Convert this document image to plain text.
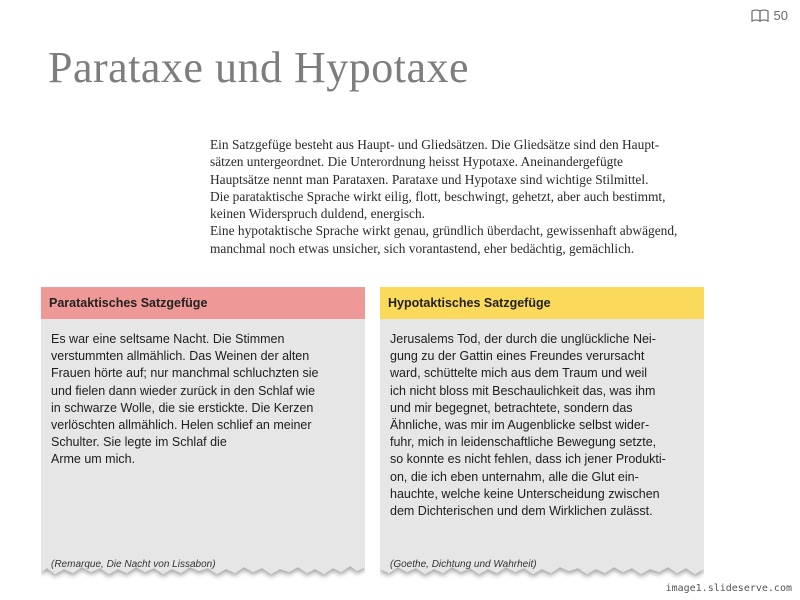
50
Parataxe und Hypotaxe

Ein Satzgefüge besteht aus Haupt- und Gliedsätzen. Die Gliedsätze sind den Haupt-

sätzen untergeordnet. Die Unterordnung heisst Hypotaxe. Aneinandergefügte

Hauptsätze nennt man Parataxen. Parataxe und Hypotaxe sind wichtige Stilmittel.

Die parataktische Sprache wirkt eilig, flott, beschwingt, gehetzt, aber auch bestimmt,

keinen Widerspruch duldend, energisch.

Eine hypotaktische Sprache wirkt genau, gründlich überdacht, gewissenhaft abwägend,

manchmal noch etwas unsicher, sich vorantastend, eher bedächtig, gemächlich.

Parataktisches Satzgefüge

Es war eine seltsame Nacht. Die Stimmen

verstummten allmählich. Das Weinen der alten

Frauen hörte auf; nur manchmal schluchzten sie

und fielen dann wieder zurück in den Schlaf wie

in schwarze Wolle, die sie erstickte. Die Kerzen

verlöschten allmählich. Helen schlief an meiner

Schulter. Sie legte im Schlaf die

Arme um mich.

(Remarque, Die Nacht von Lissabon)
Hypotaktisches Satzgefüge

Jerusalems Tod, der durch die unglückliche Nei-

gung zu der Gattin eines Freundes verursacht

ward, schüttelte mich aus dem Traum und weil

ich nicht bloss mit Beschaulichkeit das, was ihm

und mir begegnet, betrachtete, sondern das

Ähnliche, was mir im Augenblicke selbst wider-

fuhr, mich in leidenschaftliche Bewegung setzte,

so konnte es nicht fehlen, dass ich jener Produkti-

on, die ich eben unternahm, alle die Glut ein-

hauchte, welche keine Unterscheidung zwischen

dem Dichterischen und dem Wirklichen zulässt.

(Goethe, Dichtung und Wahrheit)
image1.slideserve.com
